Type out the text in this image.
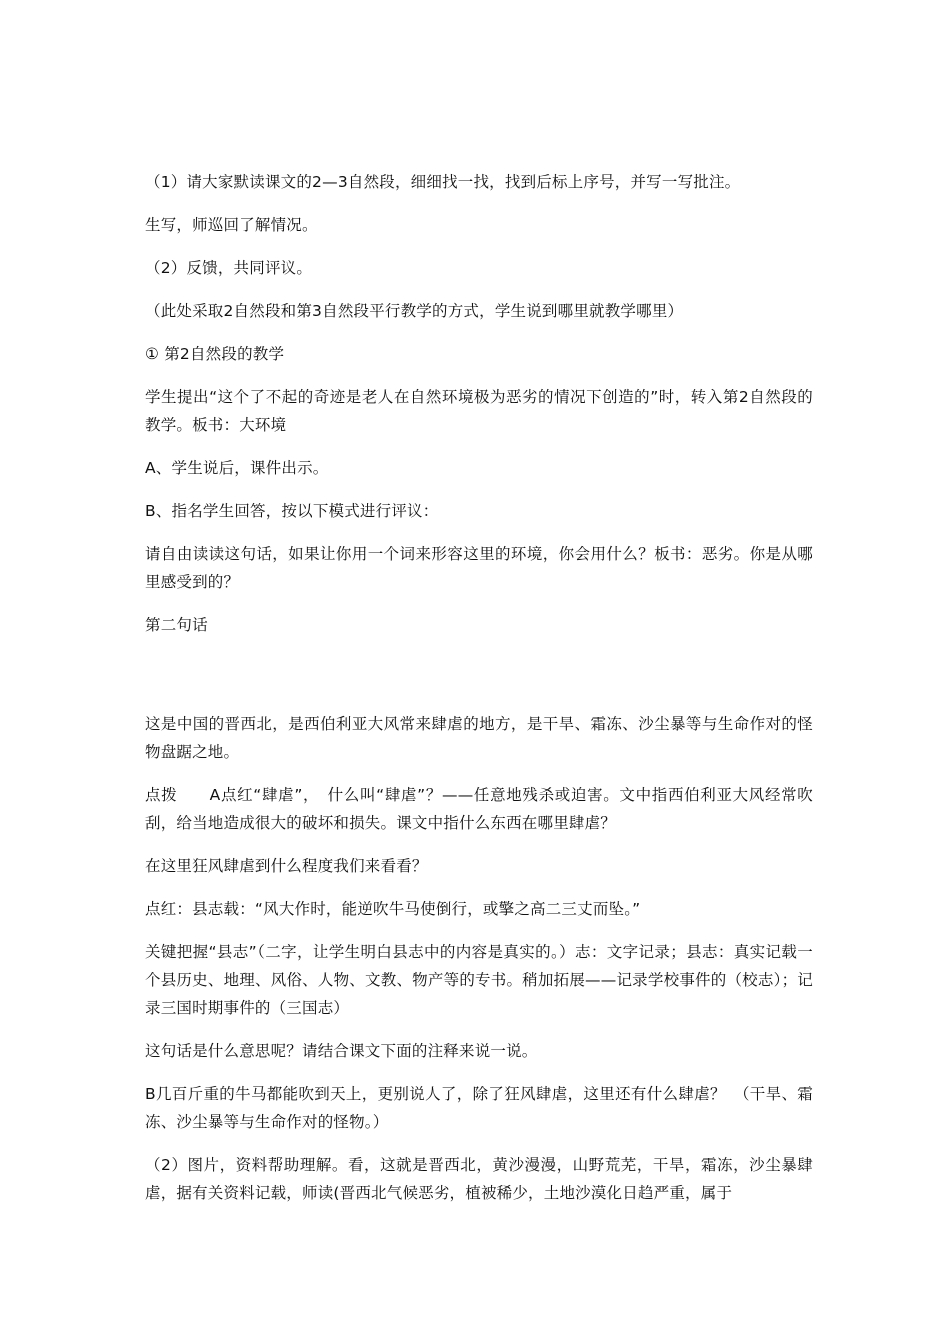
（1）请大家默读课文的2—3自然段，细细找一找，找到后标上序号，并写一写批注。

生写，师巡回了解情况。

（2）反馈，共同评议。

（此处采取2自然段和第3自然段平行教学的方式，学生说到哪里就教学哪里）

① 第2自然段的教学

学生提出“这个了不起的奇迹是老人在自然环境极为恶劣的情况下创造的”时，转入第2自然段的教学。板书：大环境

A、学生说后，课件出示。

B、指名学生回答，按以下模式进行评议：

请自由读读这句话，如果让你用一个词来形容这里的环境，你会用什么？板书：恶劣。你是从哪里感受到的？

第二句话

这是中国的晋西北，是西伯利亚大风常来肆虐的地方，是干旱、霜冻、沙尘暴等与生命作对的怪物盘踞之地。

点拨　　A点红“肆虐”，　什么叫“肆虐”？——任意地残杀或迫害。文中指西伯利亚大风经常吹刮，给当地造成很大的破坏和损失。课文中指什么东西在哪里肆虐？

在这里狂风肆虐到什么程度我们来看看？

点红：县志载：“风大作时，能逆吹牛马使倒行，或擎之高二三丈而坠。”

关键把握“县志”（二字，让学生明白县志中的内容是真实的。）志：文字记录；县志：真实记载一个县历史、地理、风俗、人物、文教、物产等的专书。稍加拓展——记录学校事件的（校志）；记录三国时期事件的（三国志）

这句话是什么意思呢？请结合课文下面的注释来说一说。

B几百斤重的牛马都能吹到天上，更别说人了，除了狂风肆虐，这里还有什么肆虐？　（干旱、霜冻、沙尘暴等与生命作对的怪物。）

（2）图片，资料帮助理解。看，这就是晋西北，黄沙漫漫，山野荒芜，干旱，霜冻，沙尘暴肆虐，据有关资料记载，师读(晋西北气候恶劣，植被稀少，土地沙漠化日趋严重，属于
